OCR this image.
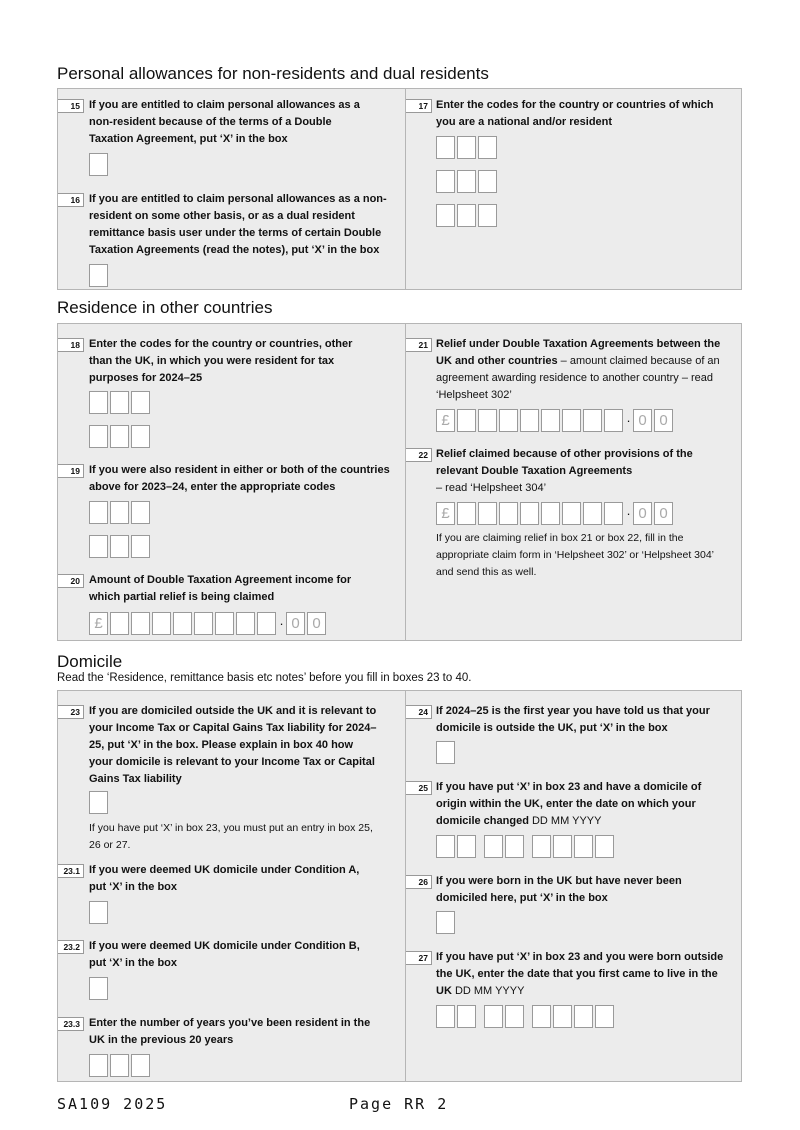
Personal allowances for non-residents and dual residents
15 If you are entitled to claim personal allowances as a non-resident because of the terms of a Double Taxation Agreement, put ‘X’ in the box
16 If you are entitled to claim personal allowances as a non-resident on some other basis, or as a dual resident remittance basis user under the terms of certain Double Taxation Agreements (read the notes), put ‘X’ in the box
17 Enter the codes for the country or countries of which you are a national and/or resident
Residence in other countries
18 Enter the codes for the country or countries, other than the UK, in which you were resident for tax purposes for 2024–25
19 If you were also resident in either or both of the countries above for 2023–24, enter the appropriate codes
20 Amount of Double Taxation Agreement income for which partial relief is being claimed
£	· 0 0
21 Relief under Double Taxation Agreements between the UK and other countries – amount claimed because of an agreement awarding residence to another country – read ‘Helpsheet 302’
£	· 0 0
22 Relief claimed because of other provisions of the relevant Double Taxation Agreements
– read ‘Helpsheet 304’
£	· 0 0
If you are claiming relief in box 21 or box 22, fill in the appropriate claim form in ‘Helpsheet 302’ or ‘Helpsheet 304’ and send this as well.
Domicile
Read the ‘Residence, remittance basis etc notes’ before you fill in boxes 23 to 40.
23 If you are domiciled outside the UK and it is relevant to your Income Tax or Capital Gains Tax liability for 2024–25, put ‘X’ in the box. Please explain in box 40 how your domicile is relevant to your Income Tax or Capital Gains Tax liability
If you have put ‘X’ in box 23, you must put an entry in box 25, 26 or 27.
23.1 If you were deemed UK domicile under Condition A, put ‘X’ in the box
23.2 If you were deemed UK domicile under Condition B, put ‘X’ in the box
23.3 Enter the number of years you’ve been resident in the UK in the previous 20 years
24 If 2024–25 is the first year you have told us that your domicile is outside the UK, put ‘X’ in the box
25 If you have put ‘X’ in box 23 and have a domicile of origin within the UK, enter the date on which your domicile changed DD MM YYYY
26 If you were born in the UK but have never been domiciled here, put ‘X’ in the box
27 If you have put ‘X’ in box 23 and you were born outside the UK, enter the date that you first came to live in the UK DD MM YYYY
SA109 2025	Page RR 2
